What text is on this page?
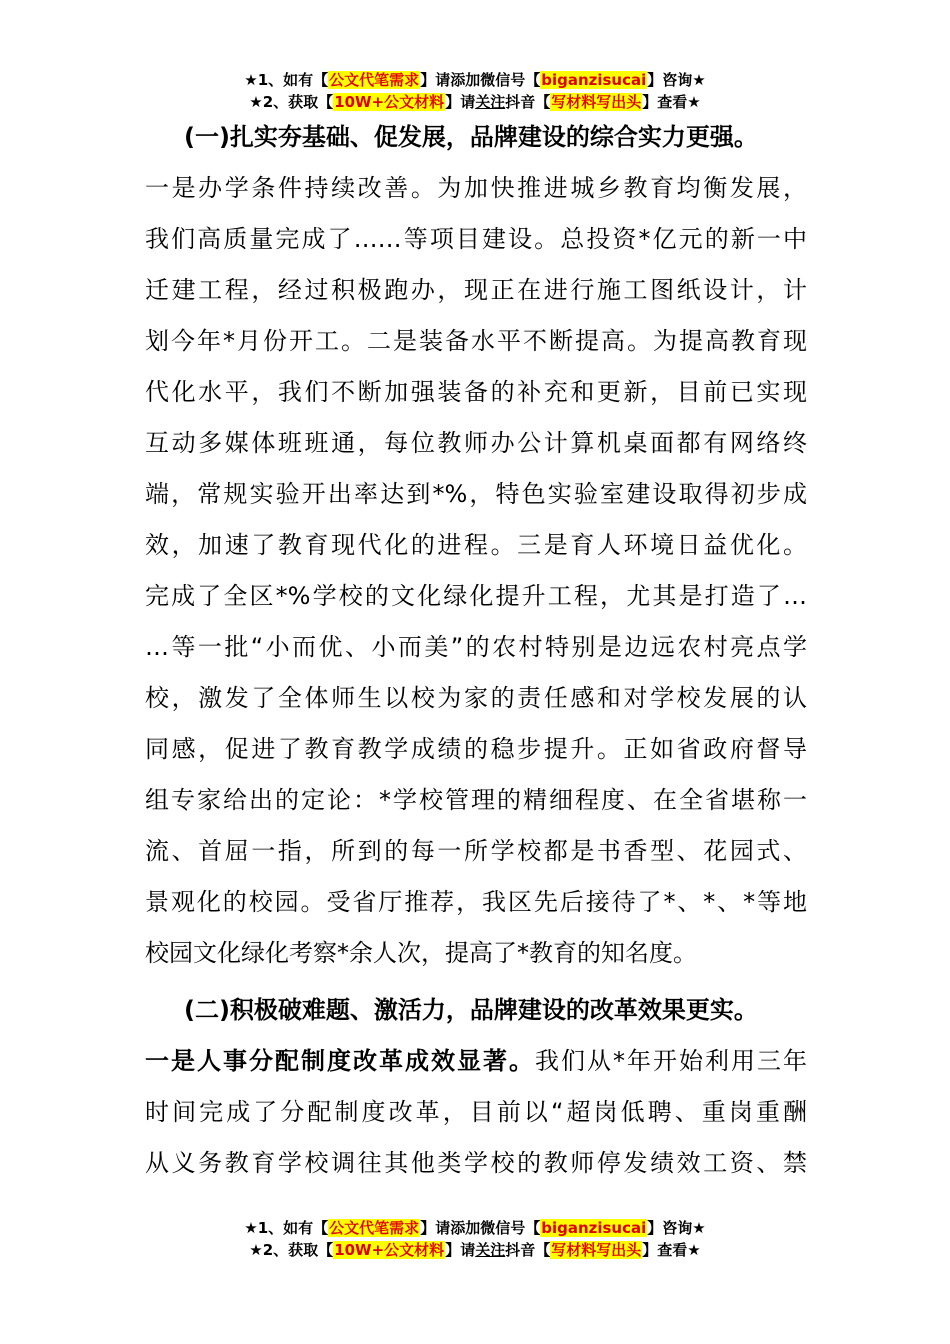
★1、如有【公文代笔需求】请添加微信号【biganzisucai】咨询★
★2、获取【10W+公文材料】请关注抖音【写材料写出头】查看★
(一)扎实夯基础、促发展，品牌建设的综合实力更强。
一是办学条件持续改善。为加快推进城乡教育均衡发展，
我们高质量完成了……等项目建设。总投资*亿元的新一中
迁建工程，经过积极跑办，现正在进行施工图纸设计，计
划今年*月份开工。二是装备水平不断提高。为提高教育现
代化水平，我们不断加强装备的补充和更新，目前已实现
互动多媒体班班通，每位教师办公计算机桌面都有网络终
端，常规实验开出率达到*%，特色实验室建设取得初步成
效，加速了教育现代化的进程。三是育人环境日益优化。
完成了全区*%学校的文化绿化提升工程，尤其是打造了…
…等一批“小而优、小而美”的农村特别是边远农村亮点学
校，激发了全体师生以校为家的责任感和对学校发展的认
同感，促进了教育教学成绩的稳步提升。正如省政府督导
组专家给出的定论：*学校管理的精细程度、在全省堪称一
流、首屈一指，所到的每一所学校都是书香型、花园式、
景观化的校园。受省厅推荐，我区先后接待了*、*、*等地
校园文化绿化考察*余人次，提高了*教育的知名度。
(二)积极破难题、激活力，品牌建设的改革效果更实。
一是人事分配制度改革成效显著。我们从*年开始利用三年
时间完成了分配制度改革，目前以“超岗低聘、重岗重酬
从义务教育学校调往其他类学校的教师停发绩效工资、禁
★1、如有【公文代笔需求】请添加微信号【biganzisucai】咨询★
★2、获取【10W+公文材料】请关注抖音【写材料写出头】查看★
